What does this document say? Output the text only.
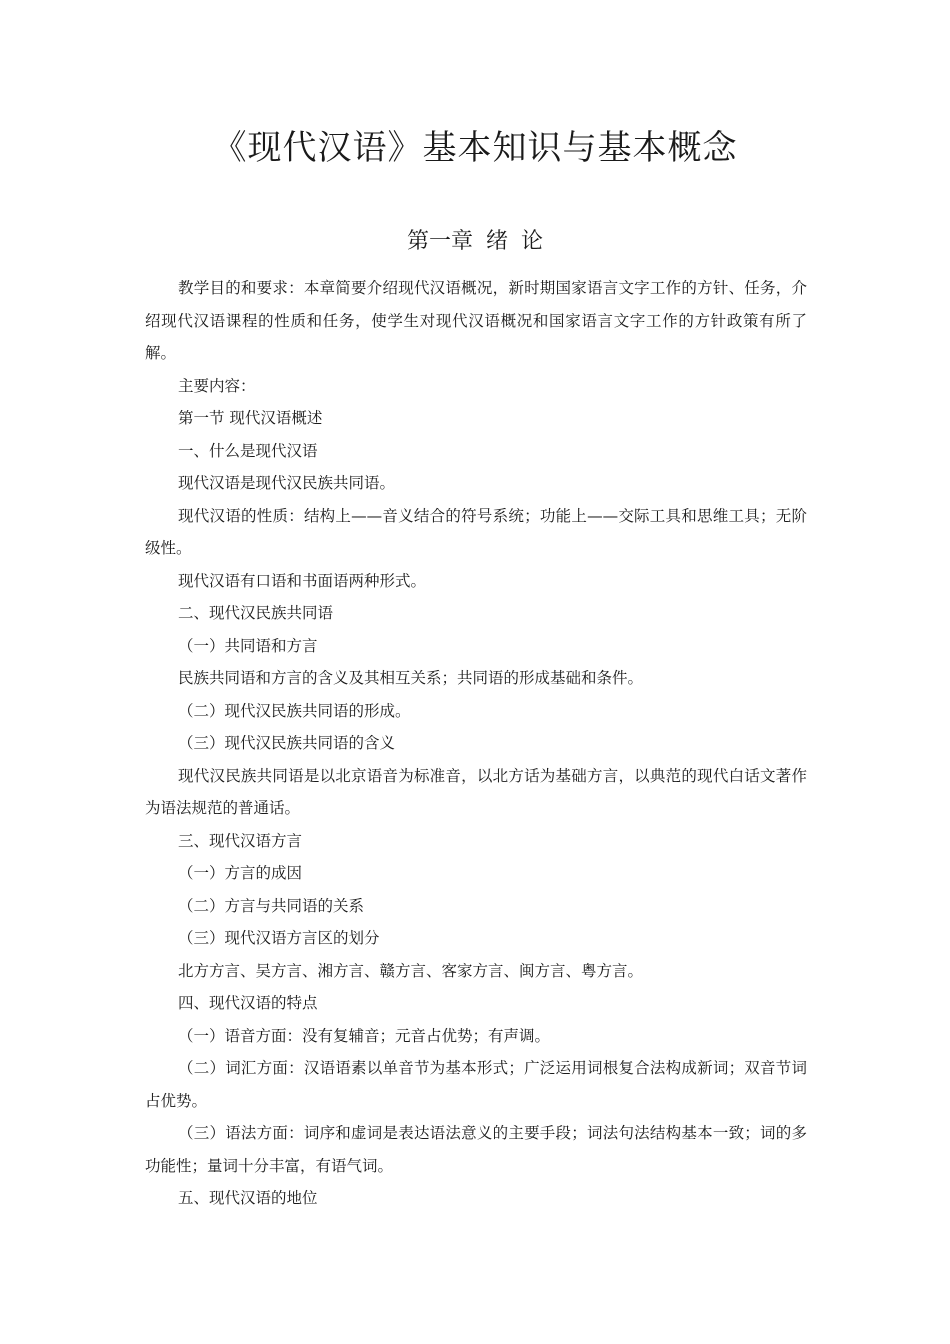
《现代汉语》基本知识与基本概念
第一章 绪 论

教学目的和要求：本章简要介绍现代汉语概况，新时期国家语言文字工作的方针、任务，介绍现代汉语课程的性质和任务，使学生对现代汉语概况和国家语言文字工作的方针政策有所了解。

主要内容：

第一节 现代汉语概述

一、什么是现代汉语

现代汉语是现代汉民族共同语。

现代汉语的性质：结构上——音义结合的符号系统；功能上——交际工具和思维工具；无阶级性。

现代汉语有口语和书面语两种形式。

二、现代汉民族共同语

（一）共同语和方言

民族共同语和方言的含义及其相互关系；共同语的形成基础和条件。

（二）现代汉民族共同语的形成。

（三）现代汉民族共同语的含义

现代汉民族共同语是以北京语音为标准音，以北方话为基础方言，以典范的现代白话文著作为语法规范的普通话。

三、现代汉语方言

（一）方言的成因

（二）方言与共同语的关系

（三）现代汉语方言区的划分

北方方言、吴方言、湘方言、赣方言、客家方言、闽方言、粤方言。

四、现代汉语的特点

（一）语音方面：没有复辅音；元音占优势；有声调。

（二）词汇方面：汉语语素以单音节为基本形式；广泛运用词根复合法构成新词；双音节词占优势。

（三）语法方面：词序和虚词是表达语法意义的主要手段；词法句法结构基本一致；词的多功能性；量词十分丰富，有语气词。

五、现代汉语的地位
